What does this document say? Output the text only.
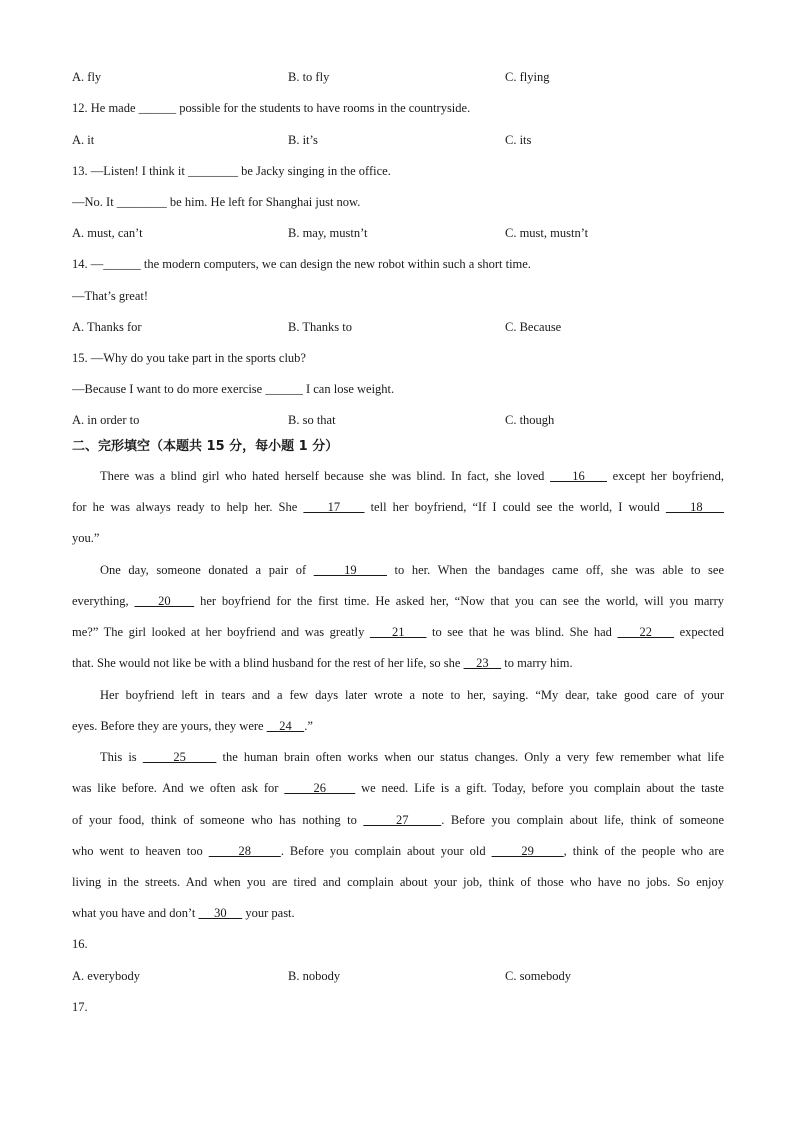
A. fly	B. to fly	C. flying
12. He made ______ possible for the students to have rooms in the countryside.
A. it	B. it’s	C. its
13. —Listen! I think it ________ be Jacky singing in the office.
—No. It ________ be him. He left for Shanghai just now.
A. must, can’t	B. may, mustn’t	C. must, mustn’t
14. —______ the modern computers, we can design the new robot within such a short time.
—That’s great!
A. Thanks for	B. Thanks to	C. Because
15. —Why do you take part in the sports club?
—Because I want to do more exercise ______ I can lose weight.
A. in order to	B. so that	C. though
二、完形填空（本题共 15 分，每小题 1 分）
There was a blind girl who hated herself because she was blind. In fact, she loved     16     except her boyfriend,
for he was always ready to help her. She     17     tell her boyfriend, “If I could see the world, I would     18
you.”
One day, someone donated a pair of     19     to her. When the bandages came off, she was able to see
everything,     20     her boyfriend for the first time. He asked her, “Now that you can see the world, will you marry
me?” The girl looked at her boyfriend and was greatly     21     to see that he was blind. She had     22     expected
that. She would not like be with a blind husband for the rest of her life, so she     23     to marry him.
Her boyfriend left in tears and a few days later wrote a note to her, saying. “My dear, take good care of your
eyes. Before they are yours, they were     24    .”
This is      25      the human brain often works when our status changes. Only a very few remember what life
was like before. And we often ask for      26      we need. Life is a gift. Today, before you complain about the taste
of your food, think of someone who has nothing to      27     . Before you complain about life, think of someone
who went to heaven too      28     . Before you complain about your old      29     , think of the people who are
living in the streets. And when you are tired and complain about your job, think of those who have no jobs. So enjoy
what you have and don’t      30      your past.
16.
A. everybody	B. nobody	C. somebody
17.
